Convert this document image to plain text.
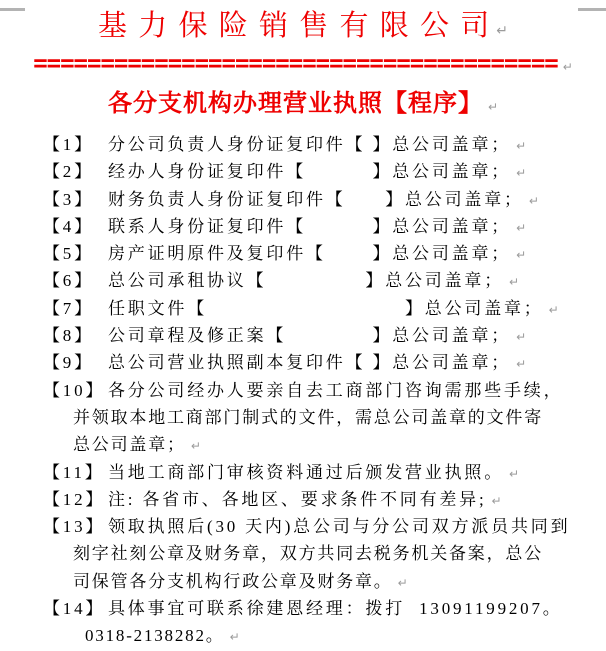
基 力 保 险 销 售 有 限 公 司 ↵
======================================= ↵
各分支机构办理营业执照【程序】 ↵
【1】 分公司负责人身份证复印件【 】总公司盖章； ↵
【2】 经办人身份证复印件【　　　 】总公司盖章； ↵
【3】 财务负责人身份证复印件【　　】总公司盖章； ↵
【4】 联系人身份证复印件【　　　 】总公司盖章； ↵
【5】 房产证明原件及复印件【　　 】总公司盖章； ↵
【6】 总公司承租协议【　　　　　】总公司盖章； ↵
【7】 任职文件【　　　　　　　　　　】总公司盖章； ↵
【8】 公司章程及修正案【　　　　 】总公司盖章； ↵
【9】 总公司营业执照副本复印件【 】总公司盖章； ↵
【10】 各分公司经办人要亲自去工商部门咨询需那些手续，
并领取本地工商部门制式的文件，需总公司盖章的文件寄
总公司盖章； ↵
【11】 当地工商部门审核资料通过后颁发营业执照。 ↵
【12】 注: 各省市、各地区、要求条件不同有差异; ↵
【13】 领取执照后(30 天内)总公司与分公司双方派员共同到
刻字社刻公章及财务章，双方共同去税务机关备案，总公
司保管各分支机构行政公章及财务章。 ↵
【14】 具体事宜可联系徐建恩经理：拨打  13091199207。
0318-2138282。 ↵
